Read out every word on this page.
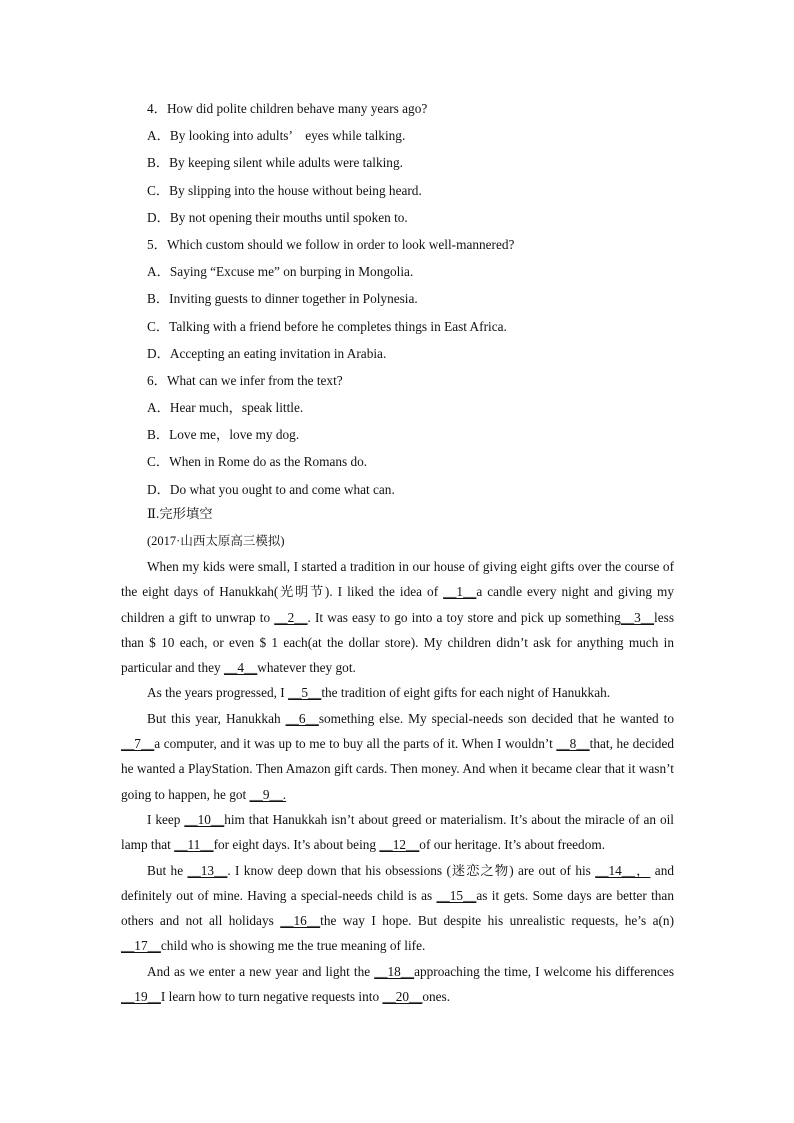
4．How did polite children behave many years ago?
A．By looking into adults’　eyes while talking.
B．By keeping silent while adults were talking.
C．By slipping into the house without being heard.
D．By not opening their mouths until spoken to.
5．Which custom should we follow in order to look well-mannered?
A．Saying “Excuse me” on burping in Mongolia.
B．Inviting guests to dinner together in Polynesia.
C．Talking with a friend before he completes things in East Africa.
D．Accepting an eating invitation in Arabia.
6．What can we infer from the text?
A．Hear much，speak little.
B．Love me，love my dog.
C．When in Rome do as the Romans do.
D．Do what you ought to and come what can.
Ⅱ.完形填空
(2017·山西太原高三模拟)

When my kids were small, I started a tradition in our house of giving eight gifts over the course of the eight days of Hanukkah(光明节). I liked the idea of __1__a candle every night and giving my children a gift to unwrap to __2__. It was easy to go into a toy store and pick up something__3__less than $ 10 each, or even $ 1 each(at the dollar store). My children didn’t ask for anything much in particular and they __4__whatever they got.

As the years progressed, I __5__the tradition of eight gifts for each night of Hanukkah.

But this year, Hanukkah __6__something else. My special-needs son decided that he wanted to __7__a computer, and it was up to me to buy all the parts of it. When I wouldn’t __8__that, he decided he wanted a PlayStation. Then Amazon gift cards. Then money. And when it became clear that it wasn’t going to happen, he got __9__.

I keep __10__him that Hanukkah isn’t about greed or materialism. It’s about the miracle of an oil lamp that __11__for eight days. It’s about being __12__of our heritage. It’s about freedom.

But he __13__. I know deep down that his obsessions (迷恋之物) are out of his __14__， and definitely out of mine. Having a special-needs child is as __15__as it gets. Some days are better than others and not all holidays __16__the way I hope. But despite his unrealistic requests, he’s a(n) __17__child who is showing me the true meaning of life.

And as we enter a new year and light the __18__approaching the time, I welcome his differences __19__I learn how to turn negative requests into __20__ones.
